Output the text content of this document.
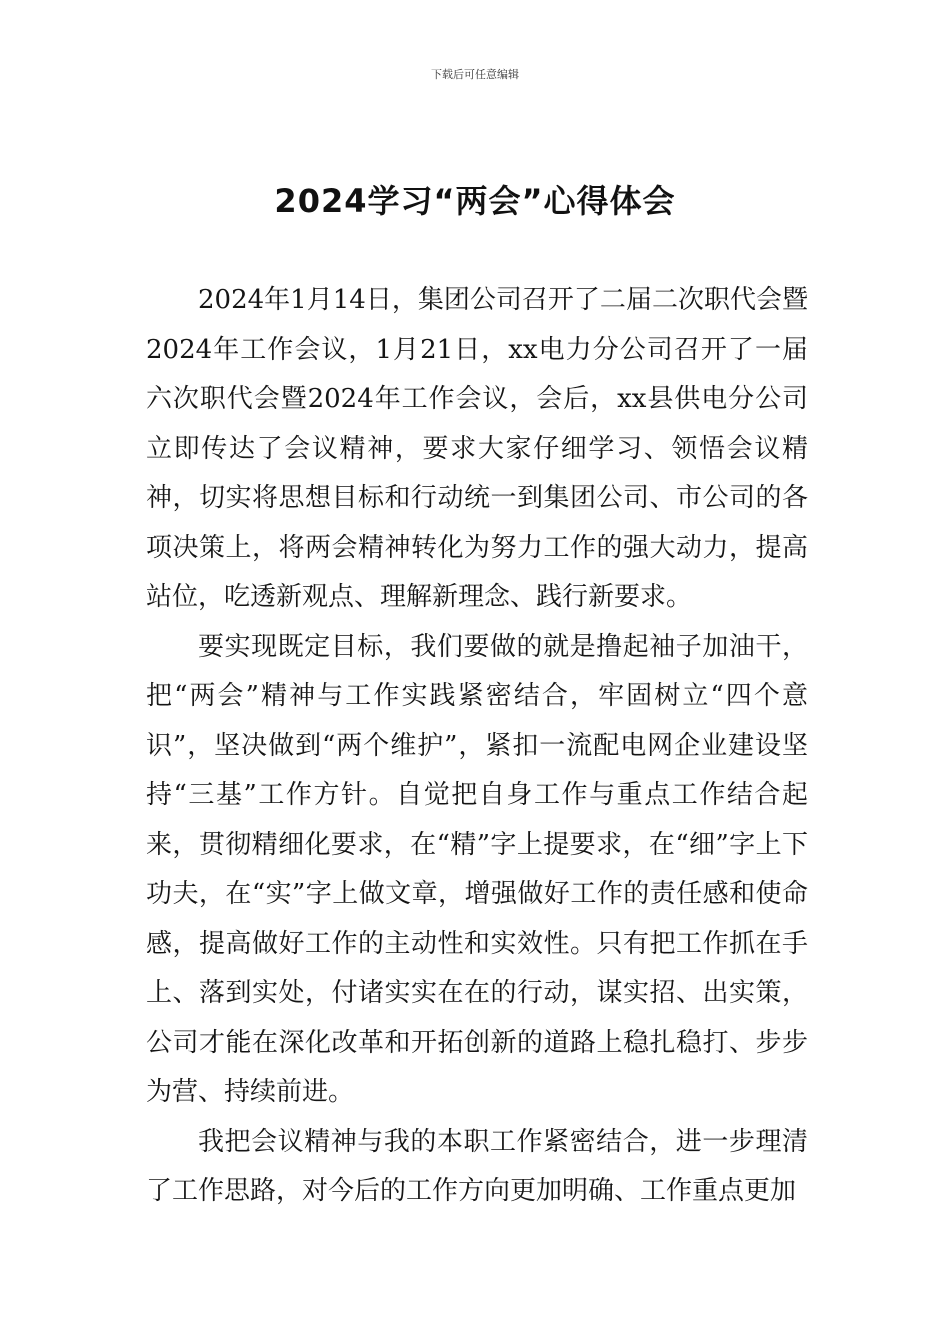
下载后可任意编辑
2024学习“两会”心得体会

2024年1月14日，集团公司召开了二届二次职代会暨2024年工作会议，1月21日，xx电力分公司召开了一届六次职代会暨2024年工作会议，会后，xx县供电分公司立即传达了会议精神，要求大家仔细学习、领悟会议精神，切实将思想目标和行动统一到集团公司、市公司的各项决策上，将两会精神转化为努力工作的强大动力，提高站位，吃透新观点、理解新理念、践行新要求。

要实现既定目标，我们要做的就是撸起袖子加油干，把“两会”精神与工作实践紧密结合，牢固树立“四个意识”，坚决做到“两个维护”，紧扣一流配电网企业建设坚持“三基”工作方针。自觉把自身工作与重点工作结合起来，贯彻精细化要求，在“精”字上提要求，在“细”字上下功夫，在“实”字上做文章，增强做好工作的责任感和使命感，提高做好工作的主动性和实效性。只有把工作抓在手上、落到实处，付诸实实在在的行动，谋实招、出实策，公司才能在深化改革和开拓创新的道路上稳扎稳打、步步为营、持续前进。

我把会议精神与我的本职工作紧密结合，进一步理清了工作思路，对今后的工作方向更加明确、工作重点更加
